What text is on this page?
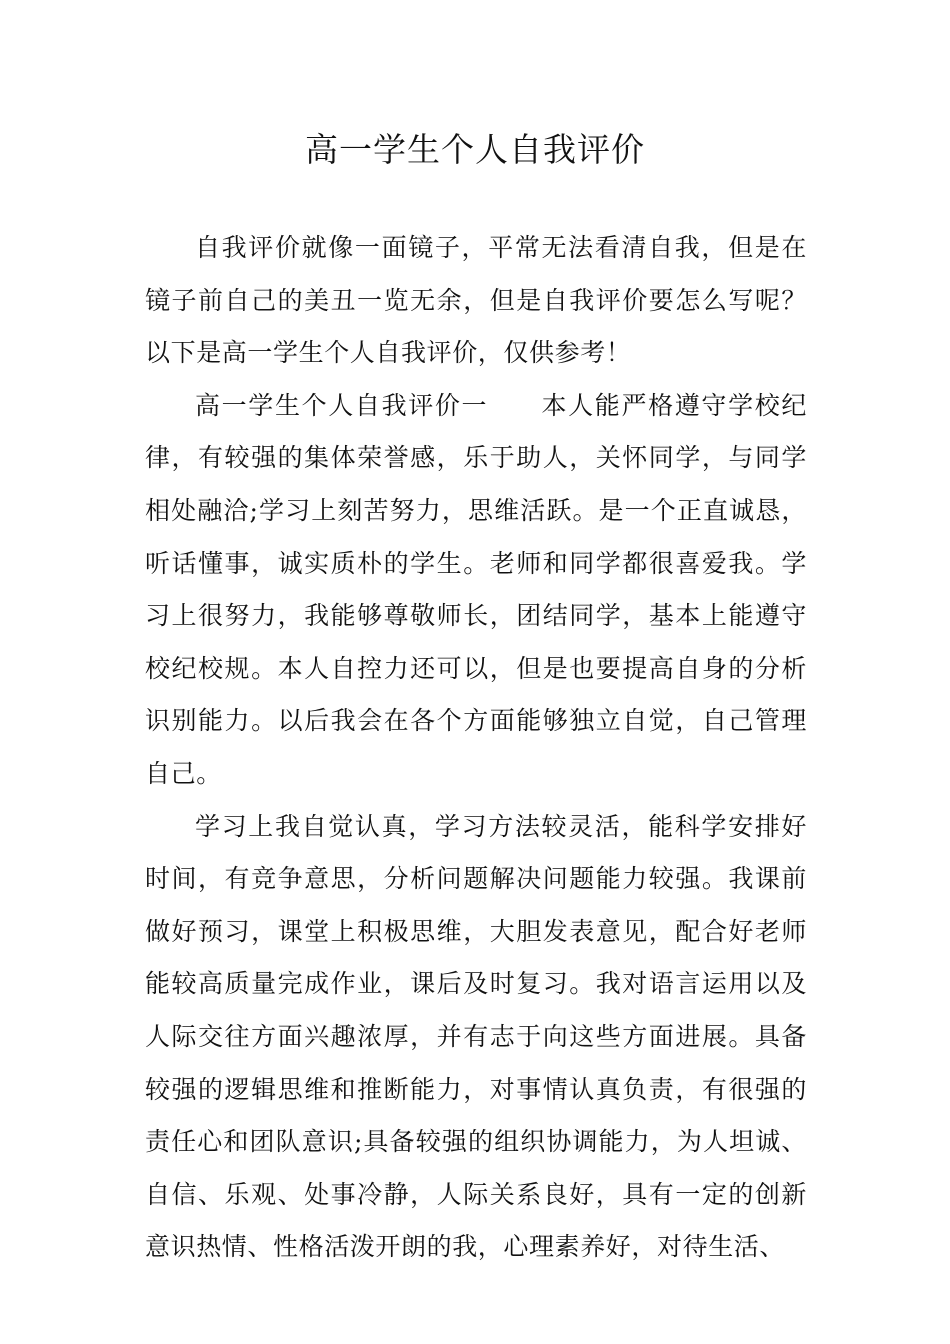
高一学生个人自我评价

自我评价就像一面镜子，平常无法看清自我，但是在镜子前自己的美丑一览无余，但是自我评价要怎么写呢？以下是高一学生个人自我评价，仅供参考！

高一学生个人自我评价一　　本人能严格遵守学校纪律，有较强的集体荣誉感，乐于助人，关怀同学，与同学相处融洽;学习上刻苦努力，思维活跃。是一个正直诚恳，听话懂事，诚实质朴的学生。老师和同学都很喜爱我。学习上很努力，我能够尊敬师长，团结同学，基本上能遵守校纪校规。本人自控力还可以，但是也要提高自身的分析识别能力。以后我会在各个方面能够独立自觉，自己管理自己。

学习上我自觉认真，学习方法较灵活，能科学安排好时间，有竞争意思，分析问题解决问题能力较强。我课前做好预习，课堂上积极思维，大胆发表意见，配合好老师能较高质量完成作业，课后及时复习。我对语言运用以及人际交往方面兴趣浓厚，并有志于向这些方面进展。具备较强的逻辑思维和推断能力，对事情认真负责，有很强的责任心和团队意识;具备较强的组织协调能力，为人坦诚、自信、乐观、处事冷静，人际关系良好，具有一定的创新意识热情、性格活泼开朗的我，心理素养好，对待生活、
